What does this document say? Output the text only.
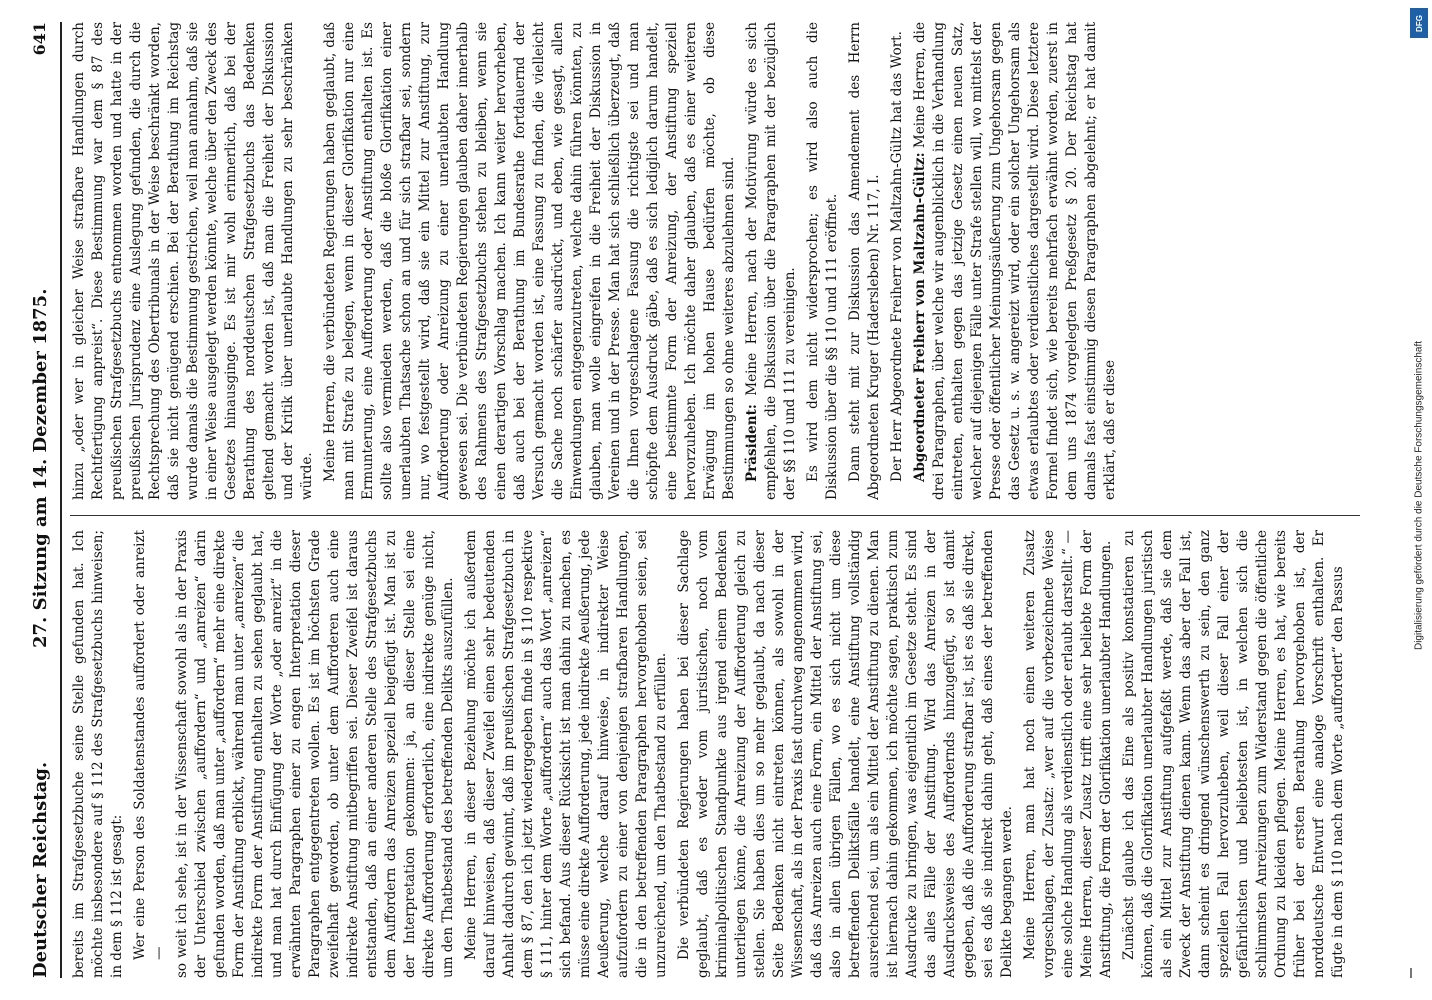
Deutscher Reichstag.
27. Sitzung am 14. Dezember 1875.
641

bereits im Strafgesetzbuche seine Stelle gefunden hat. Ich möchte insbesondere auf § 112 des Strafgesetzbuchs hinweisen; in dem § 112 ist gesagt: Wer eine Person des Soldatenstandes auffordert oder anreizt — so weit ich sehe, ist in der Wissenschaft sowohl als in der Praxis der Unterschied zwischen „auffordern“ und „anreizen“ darin gefunden worden, daß man unter „auffordern“ mehr eine direkte Form der Anstiftung erblickt, während man unter „anreizen“ die indirekte Form der Anstiftung enthalten zu sehen geglaubt hat, und man hat durch Einfügung der Worte „oder anreizt“ in die erwähnten Paragraphen einer zu engen Interpretation dieser Paragraphen entgegentreten wollen. Es ist im höchsten Grade zweifelhaft geworden, ob unter dem Aufforderen auch eine indirekte Anstiftung mitbegriffen sei. Dieser Zweifel ist daraus entstanden, daß an einer anderen Stelle des Strafgesetzbuchs dem Auffordern das Anreizen speziell beigefügt ist. Man ist zu der Interpretation gekommen: ja, an dieser Stelle sei eine direkte Aufforderung erforderlich, eine indirekte genüge nicht, um den Thatbestand des betreffenden Delikts auszufüllen. Meine Herren, in dieser Beziehung möchte ich außerdem darauf hinweisen, daß dieser Zweifel einen sehr bedeutenden Anhalt dadurch gewinnt, daß im preußischen Strafgesetzbuch in dem § 87, den ich jetzt wiedergegeben finde in § 110 respektive § 111, hinter dem Worte „auffordern“ auch das Wort „anreizen“ sich befand. Aus dieser Rücksicht ist man dahin zu machen, es müsse eine direkte Aufforderung, jede indirekte Aeußerung, jede Aeußerung, welche darauf hinweise, in indirekter Weise aufzufordern zu einer von denjenigen strafbaren Handlungen, die in den betreffenden Paragraphen hervorgehoben seien, sei unzureichend, um den Thatbestand zu erfüllen. Die verbündeten Regierungen haben bei dieser Sachlage geglaubt, daß es weder vom juristischen, noch vom kriminalpolitischen Standpunkte aus irgend einem Bedenken unterliegen könne, die Anreizung der Aufforderung gleich zu stellen. Sie haben dies um so mehr geglaubt, da nach dieser Seite Bedenken nicht eintreten können, als sowohl in der Wissenschaft, als in der Praxis fast durchweg angenommen wird, daß das Anreizen auch eine Form, ein Mittel der Anstiftung sei, also in allen übrigen Fällen, wo es sich nicht um diese betreffenden Deliktsfälle handelt, eine Anstiftung vollständig ausreichend sei, um als ein Mittel der Anstiftung zu dienen. Man ist hiernach dahin gekommen, ich möchte sagen, praktisch zum Ausdrucke zu bringen, was eigentlich im Gesetze steht. Es sind das alles Fälle der Anstiftung. Wird das Anreizen in der Ausdrucksweise des Auffordernds hinzugefügt, so ist damit gegeben, daß die Aufforderung strafbar ist, ist es daß sie direkt, sei es daß sie indirekt dahin geht, daß eines der betreffenden Delikte begangen werde. Meine Herren, man hat noch einen weiteren Zusatz vorgeschlagen, der Zusatz: „wer auf die vorbezeichnete Weise eine solche Handlung als verdienstlich oder erlaubt darstellt.“ — Meine Herren, dieser Zusatz trifft eine sehr beliebte Form der Anstiftung, die Form der Glorifikation unerlaubter Handlungen. Zunächst glaube ich das Eine als positiv konstatieren zu können, daß die Glorifikation unerlaubter Handlungen juristisch als ein Mittel zur Anstiftung aufgefaßt werde, daß sie dem Zweck der Anstiftung dienen kann. Wenn das aber der Fall ist, dann scheint es dringend wünschenswerth zu sein, den ganz speziellen Fall hervorzuheben, weil dieser Fall einer der gefährlichsten und beliebtesten ist, in welchen sich die schlimmsten Anreizungen zum Widerstand gegen die öffentliche Ordnung zu kleiden pflegen. Meine Herren, es hat, wie bereits früher bei der ersten Berathung hervorgehoben ist, der norddeutsche Entwurf eine analoge Vorschrift enthalten. Er fügte in dem § 110 nach dem Worte „auffordert“ den Passus

hinzu „oder wer in gleicher Weise strafbare Handlungen durch Rechtfertigung anpreist“. Diese Bestimmung war dem § 87 des preußischen Strafgesetzbuchs entnommen worden und hatte in der preußischen Jurisprudenz eine Auslegung gefunden, die durch die Rechtsprechung des Obertribunals in der Weise beschränkt worden, daß sie nicht genügend erschien. Bei der Berathung im Reichstag wurde damals die Bestimmung gestrichen, weil man annahm, daß sie in einer Weise ausgelegt werden könnte, welche über den Zweck des Gesetzes hinausginge. Es ist mir wohl erinnerlich, daß bei der Berathung des norddeutschen Strafgesetzbuchs das Bedenken geltend gemacht worden ist, daß man die Freiheit der Diskussion und der Kritik über unerlaubte Handlungen zu sehr beschränken würde. Meine Herren, die verbündeten Regierungen haben geglaubt, daß man mit Strafe zu belegen, wenn in dieser Glorifikation nur eine Ermunterung, eine Aufforderung oder Anstiftung enthalten ist. Es sollte also vermieden werden, daß die bloße Glorifikation einer unerlaubten Thatsache schon an und für sich strafbar sei, sondern nur, wo festgestellt wird, daß sie ein Mittel zur Anstiftung, zur Aufforderung oder Anreizung zu einer unerlaubten Handlung gewesen sei. Die verbündeten Regierungen glauben daher innerhalb des Rahmens des Strafgesetzbuchs stehen zu bleiben, wenn sie einen derartigen Vorschlag machen. Ich kann weiter hervorheben, daß auch bei der Berathung im Bundesrathe fortdauernd der Versuch gemacht worden ist, eine Fassung zu finden, die vielleicht die Sache noch schärfer ausdrückt, und eben, wie gesagt, allen Einwendungen entgegenzutreten, welche dahin führen könnten, zu glauben, man wolle eingreifen in die Freiheit der Diskussion in Vereinen und in der Presse. Man hat sich schließlich überzeugt, daß die Ihnen vorgeschlagene Fassung die richtigste sei und man schöpfte dem Ausdruck gäbe, daß es sich lediglich darum handelt, eine bestimmte Form der Anreizung, der Anstiftung speziell hervorzuheben. Ich möchte daher glauben, daß es einer weiteren Erwägung im hohen Hause bedürfen möchte, ob diese Bestimmungen so ohne weiteres abzulehnen sind. Präsident: Meine Herren, nach der Motivirung würde es sich empfehlen, die Diskussion über die Paragraphen mit der bezüglich der §§ 110 und 111 zu vereinigen. Es wird dem nicht widersprochen; es wird also auch die Diskussion über die §§ 110 und 111 eröffnet. Dann steht mit zur Diskussion das Amendement des Herrn Abgeordneten Kruger (Hadersleben) Nr. 117, I. Der Herr Abgeordnete Freiherr von Maltzahn-Gültz hat das Wort. Abgeordneter Freiherr von Maltzahn-Gültz: Meine Herren, die drei Paragraphen, über welche wir augenblicklich in die Verhandlung eintreten, enthalten gegen das jetzige Gesetz einen neuen Satz, welcher auf diejenigen Fälle unter Strafe stellen will, wo mittelst der Presse oder öffentlicher Meinungsäußerung zum Ungehorsam gegen das Gesetz u. s. w. angereizt wird, oder ein solcher Ungehorsam als etwas erlaubtes oder verdienstliches dargestellt wird. Diese letztere Formel findet sich, wie bereits mehrfach erwähnt worden, zuerst in dem uns 1874 vorgelegten Preßgesetz § 20. Der Reichstag hat damals fast einstimmig diesen Paragraphen abgelehnt; er hat damit erklärt, daß er diese

DFG
Digitalisierung gefördert durch die Deutsche Forschungsgemeinschaft
